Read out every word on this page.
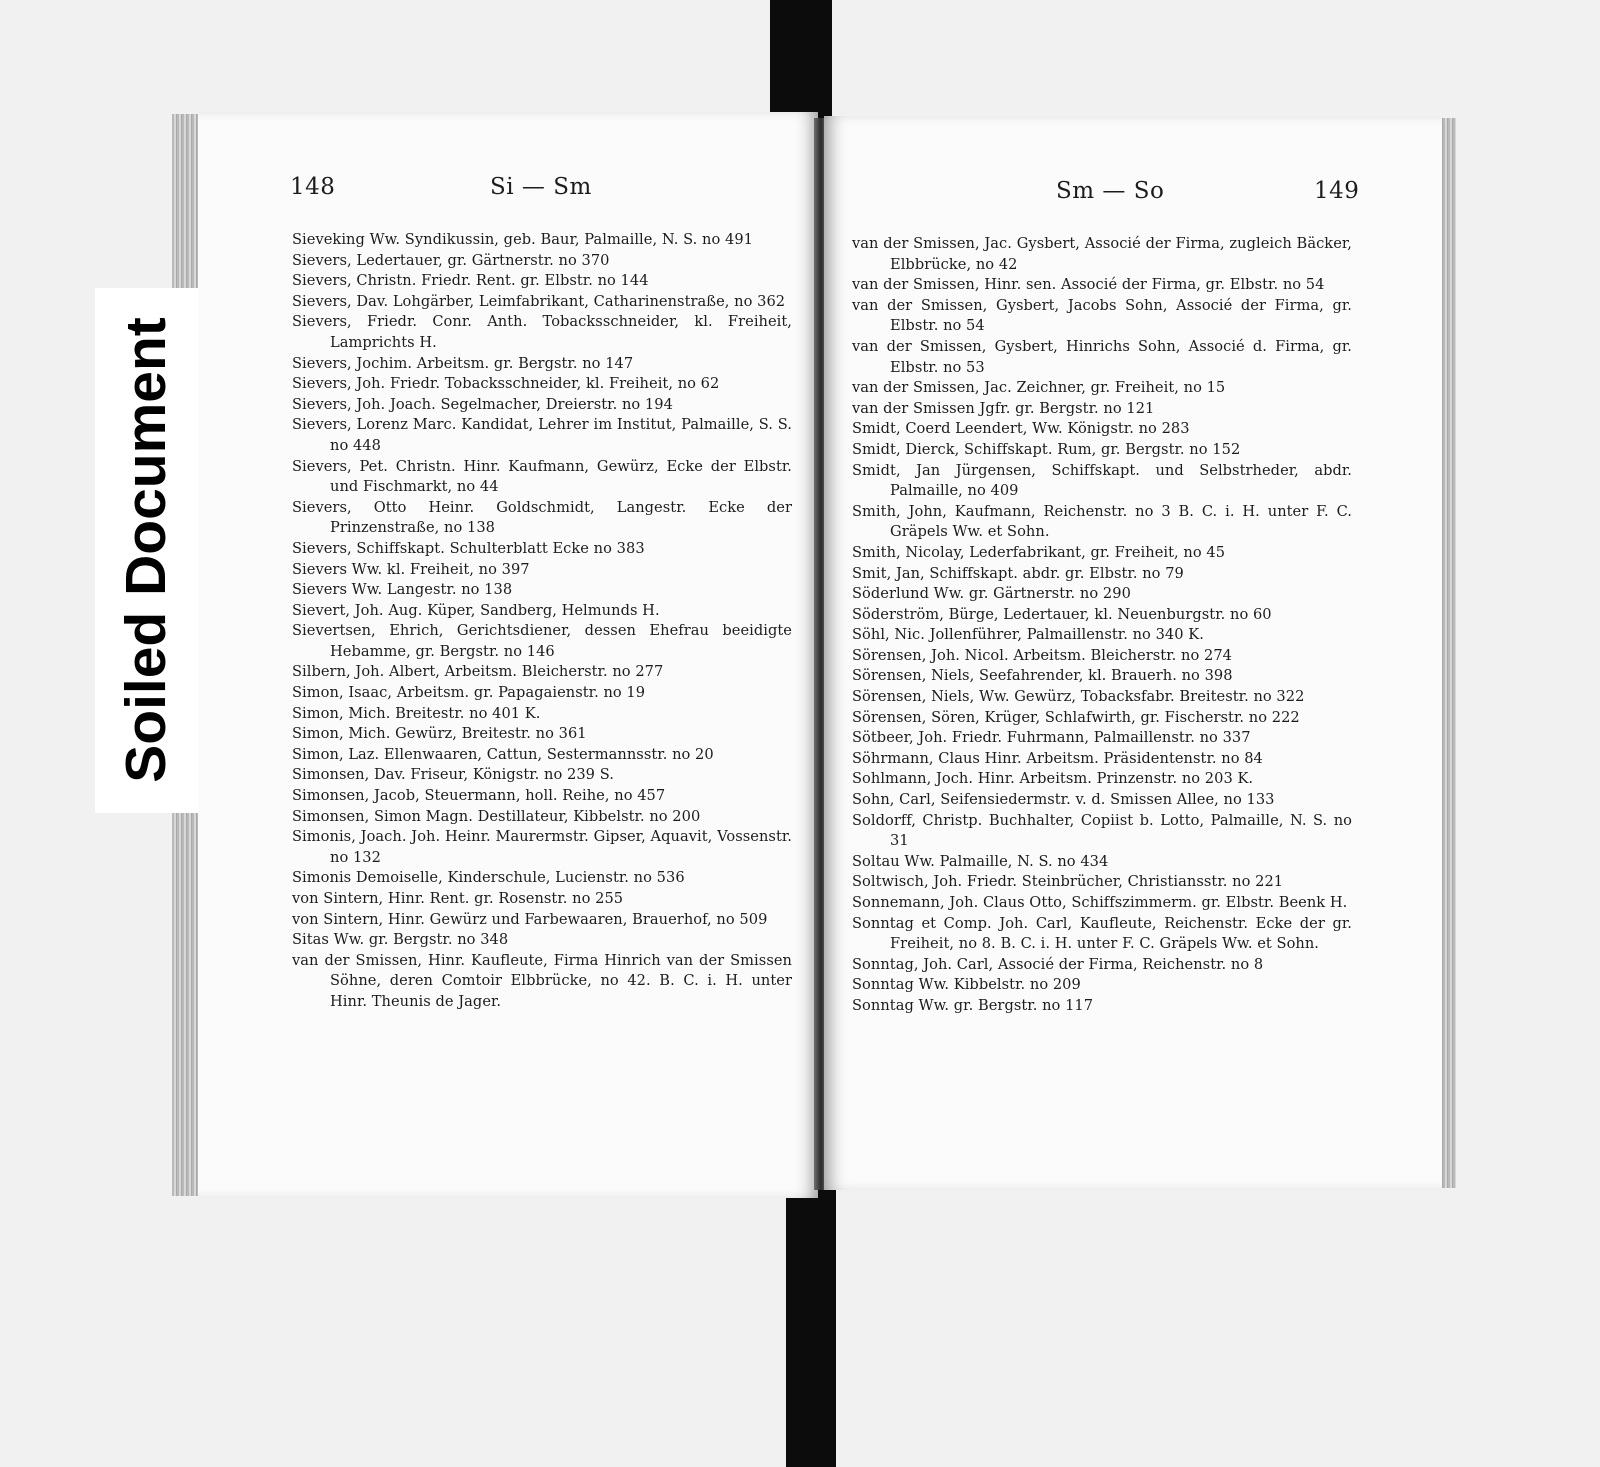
148	Si — Sm

Sieveking Ww. Syndikussin, geb. Baur, Palmaille, N. S. no 491

Sievers, Ledertauer, gr. Gärtnerstr. no 370

Sievers, Christn. Friedr. Rent. gr. Elbstr. no 144

Sievers, Dav. Lohgärber, Leimfabrikant, Catharinenstraße, no 362

Sievers, Friedr. Conr. Anth. Tobacksschneider, kl. Freiheit, Lamprichts H.

Sievers, Jochim. Arbeitsm. gr. Bergstr. no 147

Sievers, Joh. Friedr. Tobacksschneider, kl. Freiheit, no 62

Sievers, Joh. Joach. Segelmacher, Dreierstr. no 194

Sievers, Lorenz Marc. Kandidat, Lehrer im Institut, Palmaille, S. S. no 448

Sievers, Pet. Christn. Hinr. Kaufmann, Gewürz, Ecke der Elbstr. und Fischmarkt, no 44

Sievers, Otto Heinr. Goldschmidt, Langestr. Ecke der Prinzenstraße, no 138

Sievers, Schiffskapt. Schulterblatt Ecke no 383

Sievers Ww. kl. Freiheit, no 397

Sievers Ww. Langestr. no 138

Sievert, Joh. Aug. Küper, Sandberg, Helmunds H.

Sievertsen, Ehrich, Gerichtsdiener, dessen Ehefrau beeidigte Hebamme, gr. Bergstr. no 146

Silbern, Joh. Albert, Arbeitsm. Bleicherstr. no 277

Simon, Isaac, Arbeitsm. gr. Papagaienstr. no 19

Simon, Mich. Breitestr. no 401 K.

Simon, Mich. Gewürz, Breitestr. no 361

Simon, Laz. Ellenwaaren, Cattun, Sestermannsstr. no 20

Simonsen, Dav. Friseur, Königstr. no 239 S.

Simonsen, Jacob, Steuermann, holl. Reihe, no 457

Simonsen, Simon Magn. Destillateur, Kibbelstr. no 200

Simonis, Joach. Joh. Heinr. Maurermstr. Gipser, Aquavit, Vossenstr. no 132

Simonis Demoiselle, Kinderschule, Lucienstr. no 536

von Sintern, Hinr. Rent. gr. Rosenstr. no 255

von Sintern, Hinr. Gewürz und Farbewaaren, Brauerhof, no 509

Sitas Ww. gr. Bergstr. no 348

van der Smissen, Hinr. Kaufleute, Firma Hinrich van der Smissen Söhne, deren Comtoir Elbbrücke, no 42. B. C. i. H. unter Hinr. Theunis de Jager.

Sm — So	149

van der Smissen, Jac. Gysbert, Associé der Firma, zugleich Bäcker, Elbbrücke, no 42

van der Smissen, Hinr. sen. Associé der Firma, gr. Elbstr. no 54

van der Smissen, Gysbert, Jacobs Sohn, Associé der Firma, gr. Elbstr. no 54

van der Smissen, Gysbert, Hinrichs Sohn, Associé d. Firma, gr. Elbstr. no 53

van der Smissen, Jac. Zeichner, gr. Freiheit, no 15

van der Smissen Jgfr. gr. Bergstr. no 121

Smidt, Coerd Leendert, Ww. Königstr. no 283

Smidt, Dierck, Schiffskapt. Rum, gr. Bergstr. no 152

Smidt, Jan Jürgensen, Schiffskapt. und Selbstrheder, abdr. Palmaille, no 409

Smith, John, Kaufmann, Reichenstr. no 3 B. C. i. H. unter F. C. Gräpels Ww. et Sohn.

Smith, Nicolay, Lederfabrikant, gr. Freiheit, no 45

Smit, Jan, Schiffskapt. abdr. gr. Elbstr. no 79

Söderlund Ww. gr. Gärtnerstr. no 290

Söderström, Bürge, Ledertauer, kl. Neuenburgstr. no 60

Söhl, Nic. Jollenführer, Palmaillenstr. no 340 K.

Sörensen, Joh. Nicol. Arbeitsm. Bleicherstr. no 274

Sörensen, Niels, Seefahrender, kl. Brauerh. no 398

Sörensen, Niels, Ww. Gewürz, Tobacksfabr. Breitestr. no 322

Sörensen, Sören, Krüger, Schlafwirth, gr. Fischerstr. no 222

Sötbeer, Joh. Friedr. Fuhrmann, Palmaillenstr. no 337

Söhrmann, Claus Hinr. Arbeitsm. Präsidentenstr. no 84

Sohlmann, Joch. Hinr. Arbeitsm. Prinzenstr. no 203 K.

Sohn, Carl, Seifensiedermstr. v. d. Smissen Allee, no 133

Soldorff, Christp. Buchhalter, Copiist b. Lotto, Palmaille, N. S. no 31

Soltau Ww. Palmaille, N. S. no 434

Soltwisch, Joh. Friedr. Steinbrücher, Christiansstr. no 221

Sonnemann, Joh. Claus Otto, Schiffszimmerm. gr. Elbstr. Beenk H.

Sonntag et Comp. Joh. Carl, Kaufleute, Reichenstr. Ecke der gr. Freiheit, no 8. B. C. i. H. unter F. C. Gräpels Ww. et Sohn.

Sonntag, Joh. Carl, Associé der Firma, Reichenstr. no 8

Sonntag Ww. Kibbelstr. no 209

Sonntag Ww. gr. Bergstr. no 117

Soiled Document
